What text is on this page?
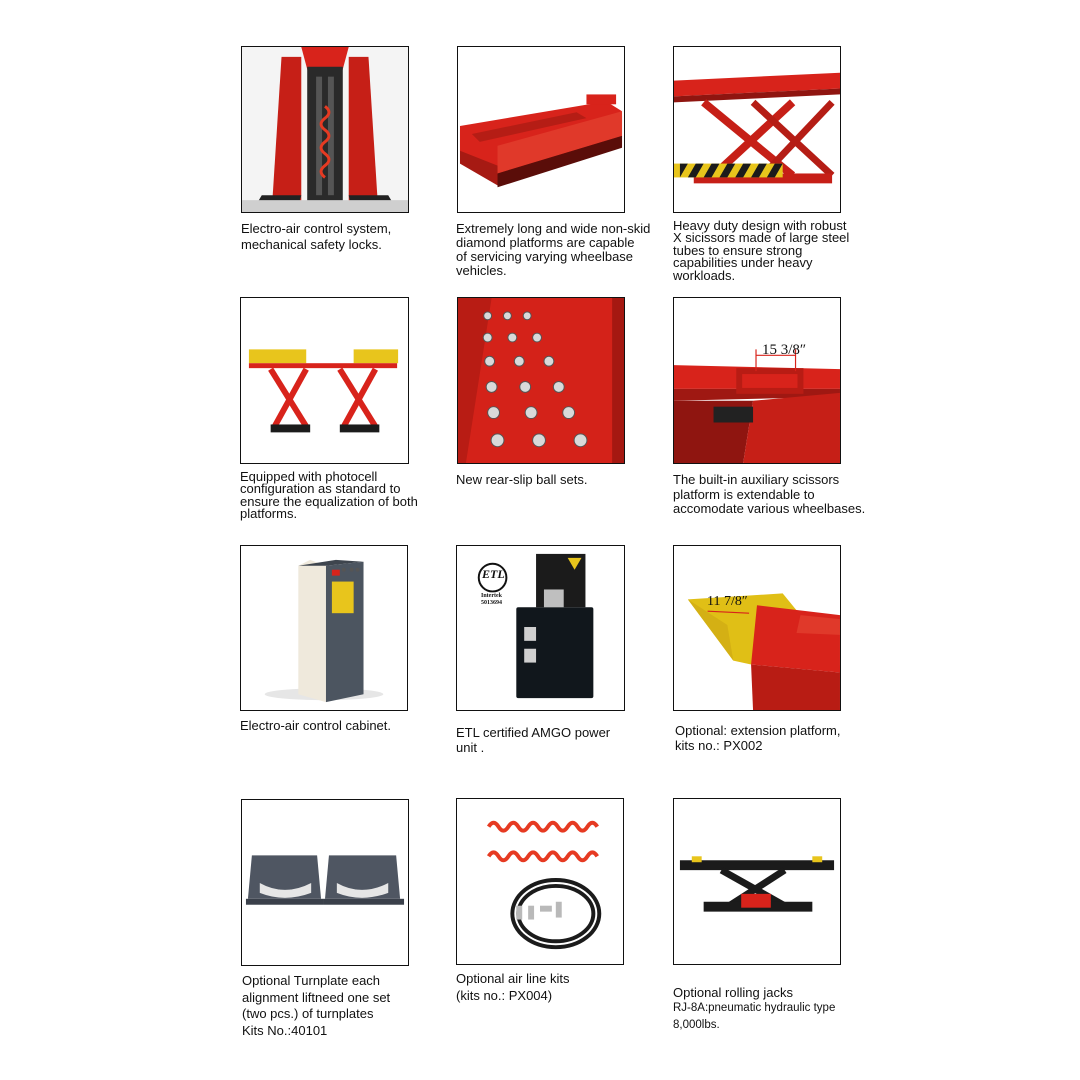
Electro-air control system,
mechanical safety locks.
Extremely long and wide non-skid
diamond platforms are capable
of servicing varying wheelbase
vehicles.
Heavy duty design with robust
X sicissors made of large steel
tubes to ensure strong
capabilities under heavy
workloads.
Equipped with photocell
configuration as standard to
ensure the equalization of both
platforms.
New rear-slip ball sets.
15 3/8″
The built-in auxiliary scissors
platform is extendable to
accomodate various wheelbases.
Electro-air control cabinet.
ETL
Intertek
5013694
ETL certified AMGO power
unit .
11 7/8″
Optional: extension platform,
kits no.: PX002
Optional Turnplate each
alignment liftneed one set
(two pcs.) of turnplates
Kits No.:40101
Optional air line kits
(kits no.: PX004)	Optional rolling jacks

RJ-8A:pneumatic hydraulic type
8,000lbs.
